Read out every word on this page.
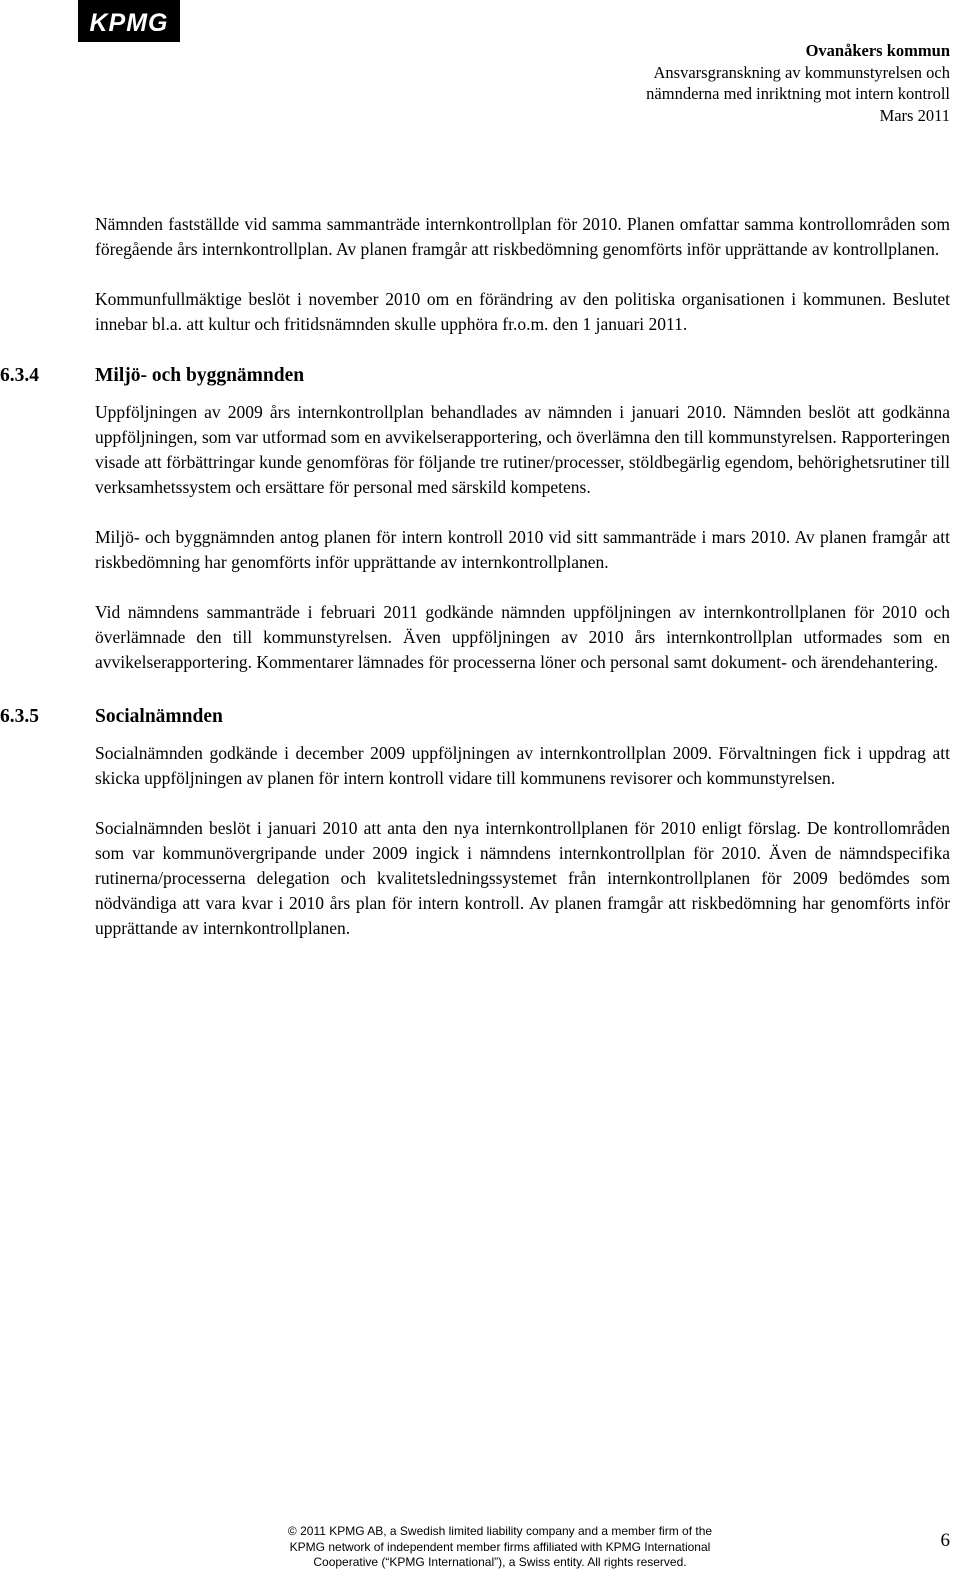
KPMG
Ovanåkers kommun
Ansvarsgranskning av kommunstyrelsen och
nämnderna med inriktning mot intern kontroll
Mars 2011

Nämnden fastställde vid samma sammanträde internkontrollplan för 2010. Planen omfattar samma kontrollområden som föregående års internkontrollplan. Av planen framgår att riskbedömning genomförts inför upprättande av kontrollplanen.

Kommunfullmäktige beslöt i november 2010 om en förändring av den politiska organisationen i kommunen. Beslutet innebar bl.a. att kultur och fritidsnämnden skulle upphöra fr.o.m. den 1 januari 2011.

6.3.4	Miljö- och byggnämnden

Uppföljningen av 2009 års internkontrollplan behandlades av nämnden i januari 2010. Nämnden beslöt att godkänna uppföljningen, som var utformad som en avvikelserapportering, och överlämna den till kommunstyrelsen. Rapporteringen visade att förbättringar kunde genomföras för följande tre rutiner/processer, stöldbegärlig egendom, behörighetsrutiner till verksamhetssystem och ersättare för personal med särskild kompetens.

Miljö- och byggnämnden antog planen för intern kontroll 2010 vid sitt sammanträde i mars 2010. Av planen framgår att riskbedömning har genomförts inför upprättande av internkontrollplanen.

Vid nämndens sammanträde i februari 2011 godkände nämnden uppföljningen av internkontrollplanen för 2010 och överlämnade den till kommunstyrelsen. Även uppföljningen av 2010 års internkontrollplan utformades som en avvikelserapportering. Kommentarer lämnades för processerna löner och personal samt dokument- och ärendehantering.

6.3.5	Socialnämnden

Socialnämnden godkände i december 2009 uppföljningen av internkontrollplan 2009. Förvaltningen fick i uppdrag att skicka uppföljningen av planen för intern kontroll vidare till kommunens revisorer och kommunstyrelsen.

Socialnämnden beslöt i januari 2010 att anta den nya internkontrollplanen för 2010 enligt förslag. De kontrollområden som var kommunövergripande under 2009 ingick i nämndens internkontrollplan för 2010. Även de nämndspecifika rutinerna/processerna delegation och kvalitetsledningssystemet från internkontrollplanen för 2009 bedömdes som nödvändiga att vara kvar i 2010 års plan för intern kontroll. Av planen framgår att riskbedömning har genomförts inför upprättande av internkontrollplanen.

© 2011 KPMG AB, a Swedish limited liability company and a member firm of the
KPMG network of independent member firms affiliated with KPMG International
Cooperative (“KPMG International”), a Swiss entity. All rights reserved.
6
